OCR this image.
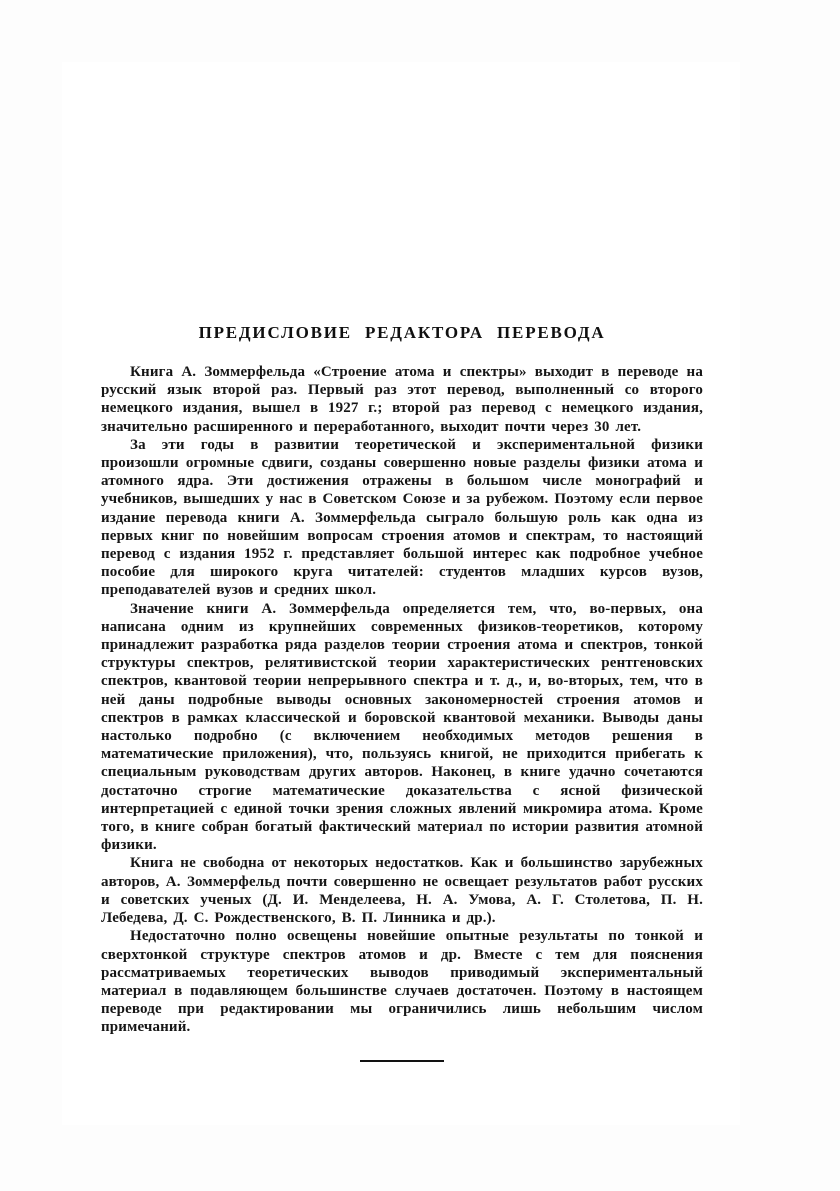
ПРЕДИСЛОВИЕ РЕДАКТОРА ПЕРЕВОДА

Книга А. Зоммерфельда «Строение атома и спектры» выходит в переводе на русский язык второй раз. Первый раз этот перевод, выполненный со второго немецкого издания, вышел в 1927 г.; второй раз перевод с немецкого издания, значительно расширенного и переработанного, выходит почти через 30 лет.

За эти годы в развитии теоретической и экспериментальной физики произошли огромные сдвиги, созданы совершенно новые разделы физики атома и атомного ядра. Эти достижения отражены в большом числе монографий и учебников, вышедших у нас в Советском Союзе и за рубежом. Поэтому если первое издание перевода книги А. Зоммерфельда сыграло большую роль как одна из первых книг по новейшим вопросам строения атомов и спектрам, то настоящий перевод с издания 1952 г. представляет большой интерес как подробное учебное пособие для широкого круга читателей: студентов младших курсов вузов, преподавателей вузов и средних школ.

Значение книги А. Зоммерфельда определяется тем, что, во-первых, она написана одним из крупнейших современных физиков-теоретиков, которому принадлежит разработка ряда разделов теории строения атома и спектров, тонкой структуры спектров, релятивистской теории характеристических рентгеновских спектров, квантовой теории непрерывного спектра и т. д., и, во-вторых, тем, что в ней даны подробные выводы основных закономерностей строения атомов и спектров в рамках классической и боровской квантовой механики. Выводы даны настолько подробно (с включением необходимых методов решения в математические приложения), что, пользуясь книгой, не приходится прибегать к специальным руководствам других авторов. Наконец, в книге удачно сочетаются достаточно строгие математические доказательства с ясной физической интерпретацией с единой точки зрения сложных явлений микромира атома. Кроме того, в книге собран богатый фактический материал по истории развития атомной физики.

Книга не свободна от некоторых недостатков. Как и большинство зарубежных авторов, А. Зоммерфельд почти совершенно не освещает результатов работ русских и советских ученых (Д. И. Менделеева, Н. А. Умова, А. Г. Столетова, П. Н. Лебедева, Д. С. Рождественского, В. П. Линника и др.).

Недостаточно полно освещены новейшие опытные результаты по тонкой и сверхтонкой структуре спектров атомов и др. Вместе с тем для пояснения рассматриваемых теоретических выводов приводимый экспериментальный материал в подавляющем большинстве случаев достаточен. Поэтому в настоящем переводе при редактировании мы ограничились лишь небольшим числом примечаний.
